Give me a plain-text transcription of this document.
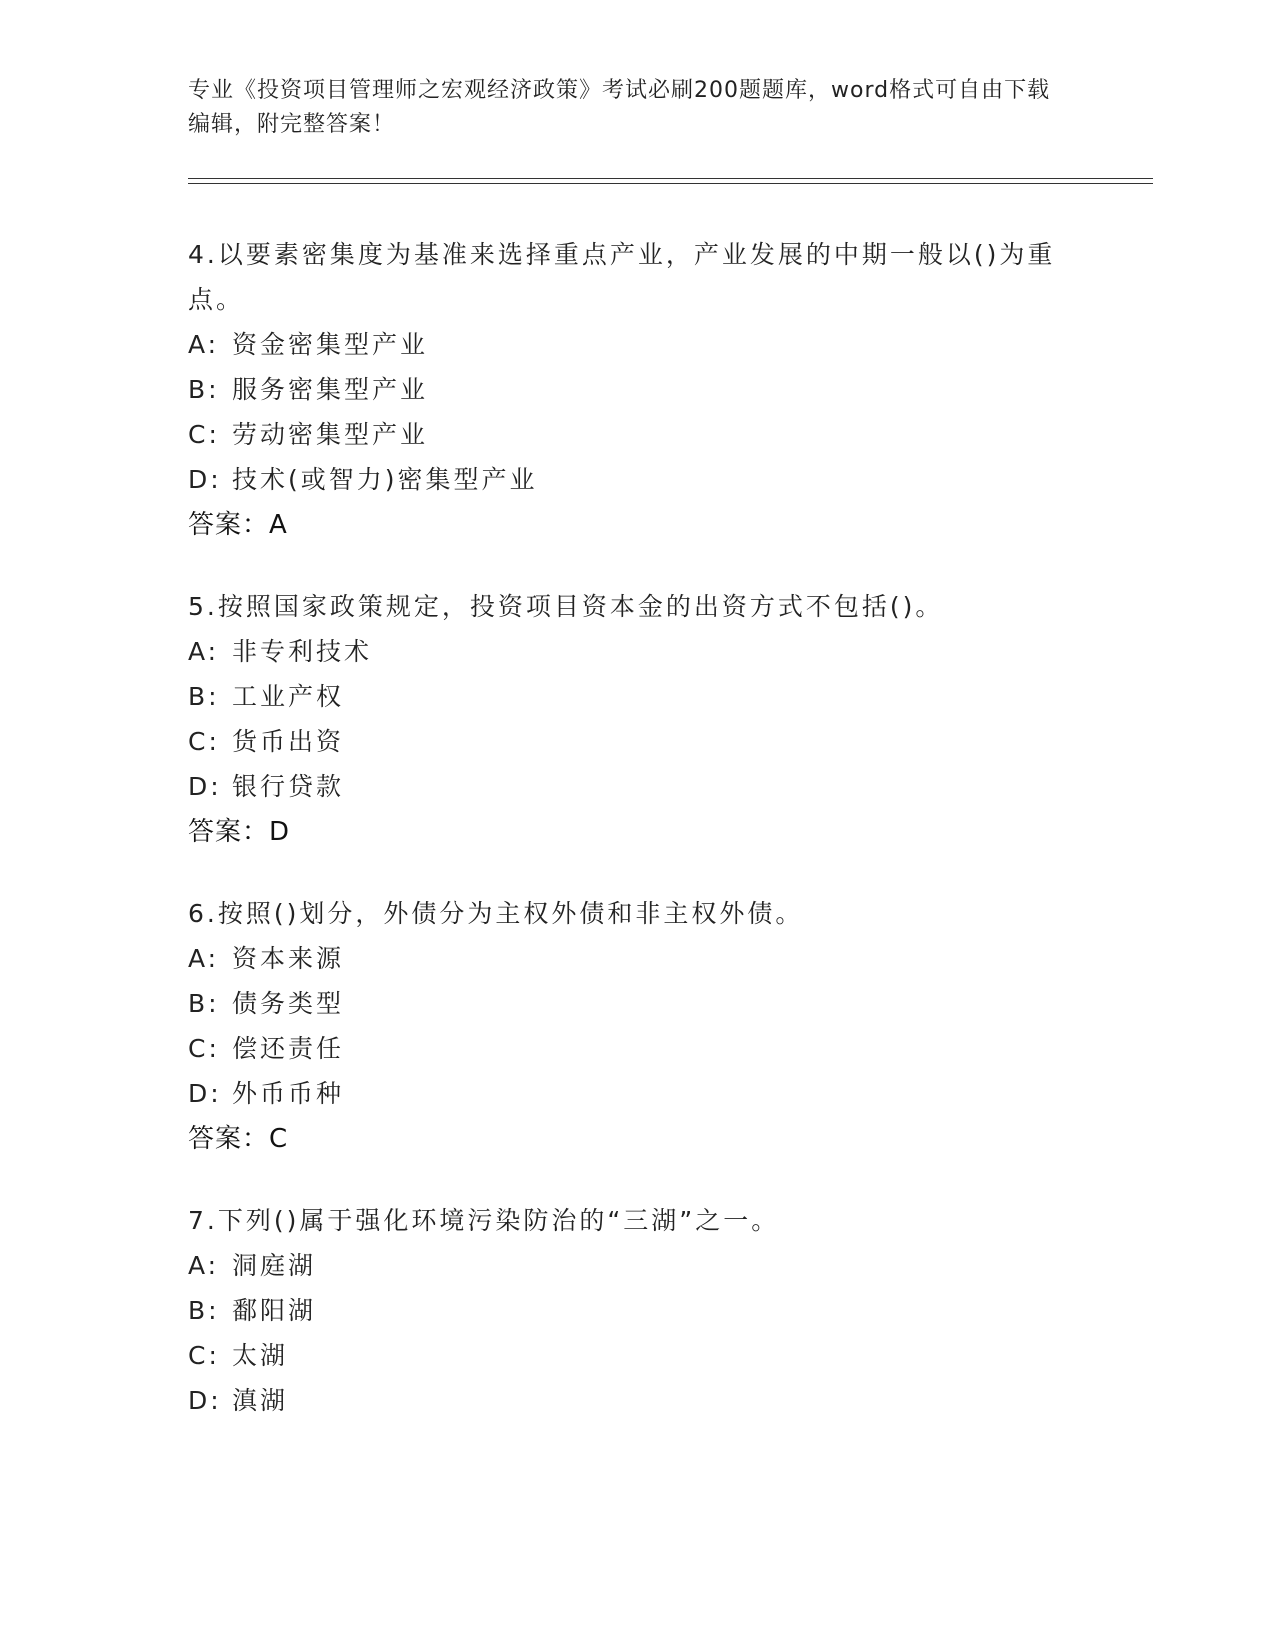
专业《投资项目管理师之宏观经济政策》考试必刷200题题库，word格式可自由下载编辑，附完整答案！

4.以要素密集度为基准来选择重点产业，产业发展的中期一般以()为重点。

A: 资金密集型产业

B: 服务密集型产业

C: 劳动密集型产业

D: 技术(或智力)密集型产业

答案：A

5.按照国家政策规定，投资项目资本金的出资方式不包括()。

A: 非专利技术

B: 工业产权

C: 货币出资

D: 银行贷款

答案：D

6.按照()划分，外债分为主权外债和非主权外债。

A: 资本来源

B: 债务类型

C: 偿还责任

D: 外币币种

答案：C

7.下列()属于强化环境污染防治的“三湖”之一。

A: 洞庭湖

B: 鄱阳湖

C: 太湖

D: 滇湖
